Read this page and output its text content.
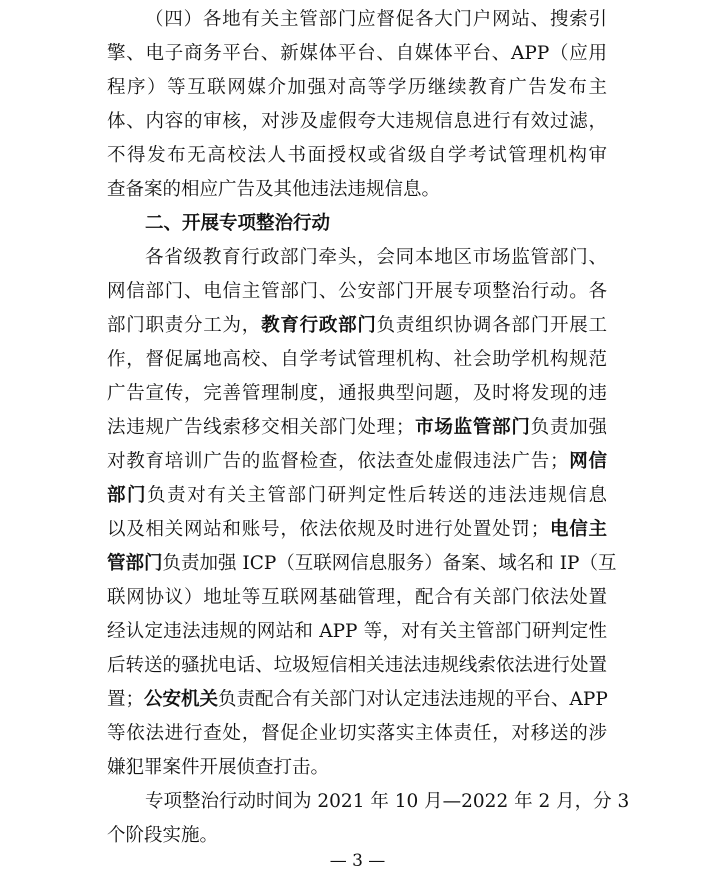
（四）各地有关主管部门应督促各大门户网站、搜索引
擎、电子商务平台、新媒体平台、自媒体平台、APP（应用
程序）等互联网媒介加强对高等学历继续教育广告发布主
体、内容的审核，对涉及虚假夸大违规信息进行有效过滤，
不得发布无高校法人书面授权或省级自学考试管理机构审
查备案的相应广告及其他违法违规信息。
二、开展专项整治行动
各省级教育行政部门牵头，会同本地区市场监管部门、
网信部门、电信主管部门、公安部门开展专项整治行动。各
部门职责分工为，教育行政部门负责组织协调各部门开展工
作，督促属地高校、自学考试管理机构、社会助学机构规范
广告宣传，完善管理制度，通报典型问题，及时将发现的违
法违规广告线索移交相关部门处理；市场监管部门负责加强
对教育培训广告的监督检查，依法查处虚假违法广告；网信
部门负责对有关主管部门研判定性后转送的违法违规信息
以及相关网站和账号，依法依规及时进行处置处罚；电信主
管部门负责加强 ICP（互联网信息服务）备案、域名和 IP（互
联网协议）地址等互联网基础管理，配合有关部门依法处置
经认定违法违规的网站和 APP 等，对有关主管部门研判定性
后转送的骚扰电话、垃圾短信相关违法违规线索依法进行处置
置；公安机关负责配合有关部门对认定违法违规的平台、APP
等依法进行查处，督促企业切实落实主体责任，对移送的涉
嫌犯罪案件开展侦查打击。
专项整治行动时间为 2021 年 10 月—2022 年 2 月，分 3
个阶段实施。
— 3 —
